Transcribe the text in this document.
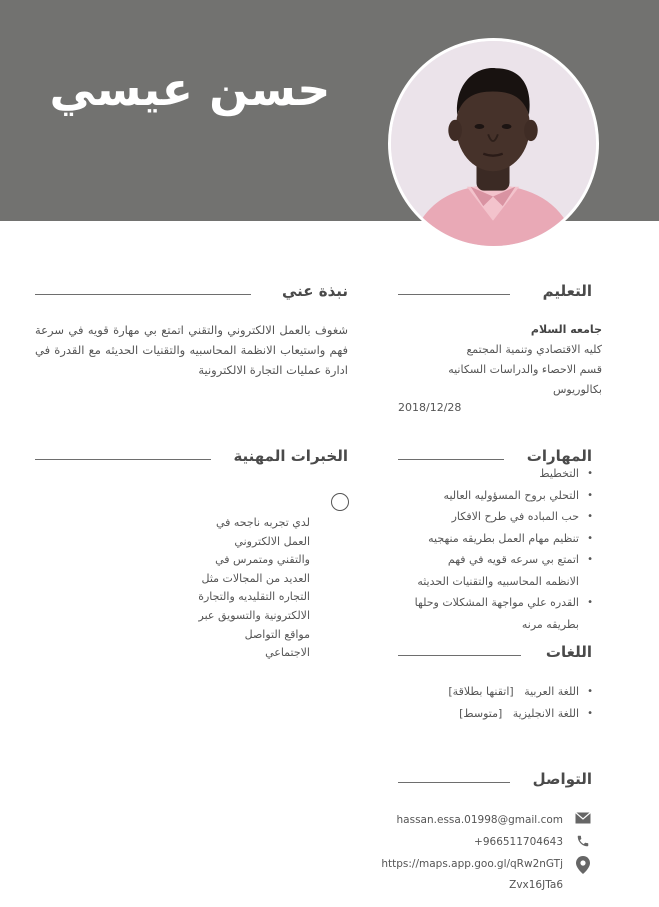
حسن عيسي
نبذة عني
شغوف بالعمل الالكتروني والتقني اتمتع بي مهارة قويه في سرعة فهم واستيعاب الانظمة المحاسبيه والتقنيات الحديثه مع القدرة في ادارة عمليات التجارة الالكترونية
التعليم
جامعه السلام
كليه الاقتصادي وتنمية المجتمع
قسم الاحصاء والدراسات السكانيه
بكالوريوس
2018/12/28
الخبرات المهنية
لدي تجربه ناجحه في
العمل الالكتروني
والتقني ومتمرس في
العديد من المجالات مثل
التجاره التقليديه والتجارة
الالكترونية والتسويق عبر
مواقع التواصل
الاجتماعي
المهارات
• التخطيط
• التحلي بروح المسؤوليه العاليه
• حب المباده في طرح الافكار
• تنظيم مهام العمل بطريقه منهجيه
• اتمتع بي سرعه قويه في فهم
الانظمه المحاسبيه والتقنيات الحديثه
• القدره علي مواجهة المشكلات وحلها
بطريقه مرنه
اللغات
• اللغة العربية   [اتقنها بطلاقة]
• اللغة الانجليزية   [متوسط]
التواصل
hassan.essa.01998@gmail.com
+966511704643
https://maps.app.goo.gl/qRw2nGTj
Zvx16JTa6
